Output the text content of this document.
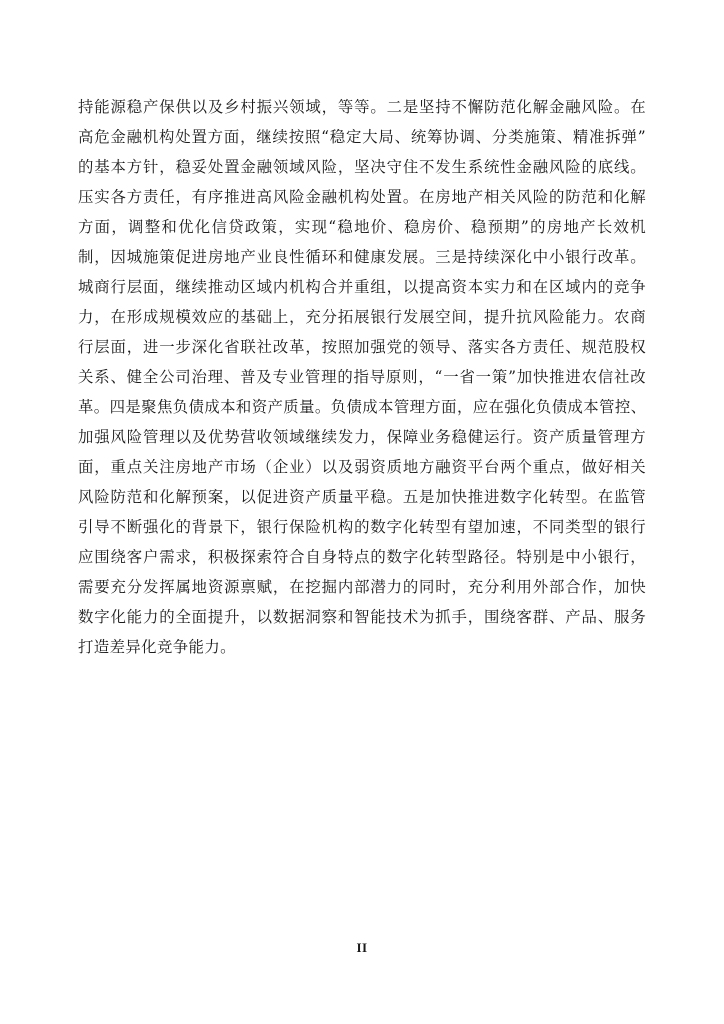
持能源稳产保供以及乡村振兴领域，等等。二是坚持不懈防范化解金融风险。在
高危金融机构处置方面，继续按照“稳定大局、统筹协调、分类施策、精准拆弹”
的基本方针，稳妥处置金融领域风险，坚决守住不发生系统性金融风险的底线。
压实各方责任，有序推进高风险金融机构处置。在房地产相关风险的防范和化解
方面，调整和优化信贷政策，实现“稳地价、稳房价、稳预期”的房地产长效机
制，因城施策促进房地产业良性循环和健康发展。三是持续深化中小银行改革。
城商行层面，继续推动区域内机构合并重组，以提高资本实力和在区域内的竞争
力，在形成规模效应的基础上，充分拓展银行发展空间，提升抗风险能力。农商
行层面，进一步深化省联社改革，按照加强党的领导、落实各方责任、规范股权
关系、健全公司治理、普及专业管理的指导原则，“一省一策”加快推进农信社改
革。四是聚焦负债成本和资产质量。负债成本管理方面，应在强化负债成本管控、
加强风险管理以及优势营收领域继续发力，保障业务稳健运行。资产质量管理方
面，重点关注房地产市场（企业）以及弱资质地方融资平台两个重点，做好相关
风险防范和化解预案，以促进资产质量平稳。五是加快推进数字化转型。在监管
引导不断强化的背景下，银行保险机构的数字化转型有望加速，不同类型的银行
应围绕客户需求，积极探索符合自身特点的数字化转型路径。特别是中小银行，
需要充分发挥属地资源禀赋，在挖掘内部潜力的同时，充分利用外部合作，加快
数字化能力的全面提升，以数据洞察和智能技术为抓手，围绕客群、产品、服务
打造差异化竞争能力。
II
